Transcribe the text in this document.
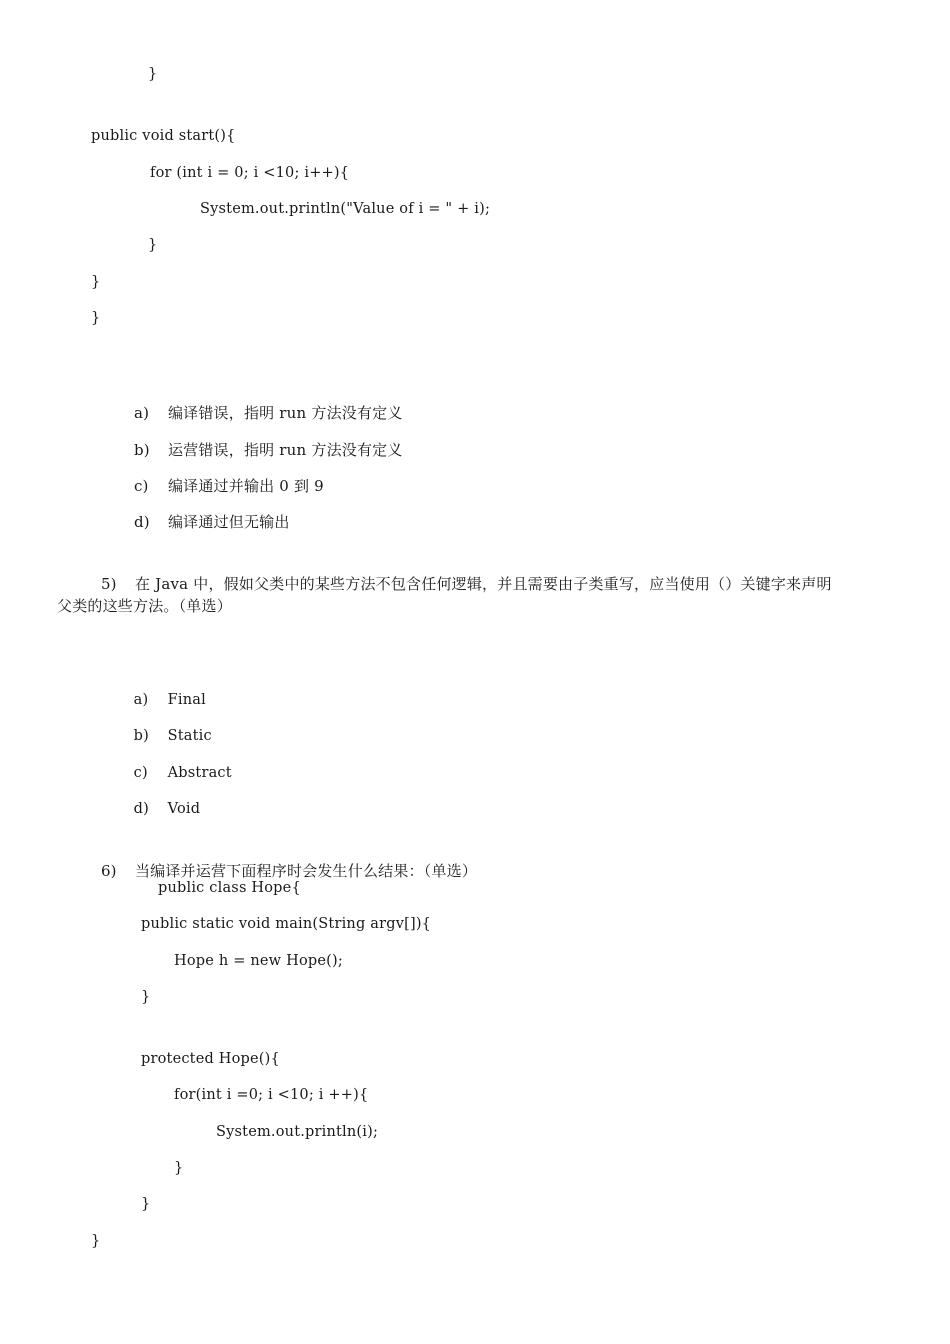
}
public void start(){
for (int i = 0; i <10; i++){
System.out.println("Value of i = " + i);
}
}
}

a) 编译错误，指明 run 方法没有定义

b) 运营错误，指明 run 方法没有定义

c) 编译通过并输出 0 到 9

d) 编译通过但无输出

5) 在 Java 中，假如父类中的某些方法不包含任何逻辑，并且需要由子类重写，应当使用（）关键字来声明

父类的这些方法。（单选）

a) Final

b) Static

c) Abstract

d) Void

6) 当编译并运营下面程序时会发生什么结果：（单选）

public class Hope{
public static void main(String argv[]){
Hope h = new Hope();
}
protected Hope(){
for(int i =0; i <10; i ++){
System.out.println(i);
}
}
}
